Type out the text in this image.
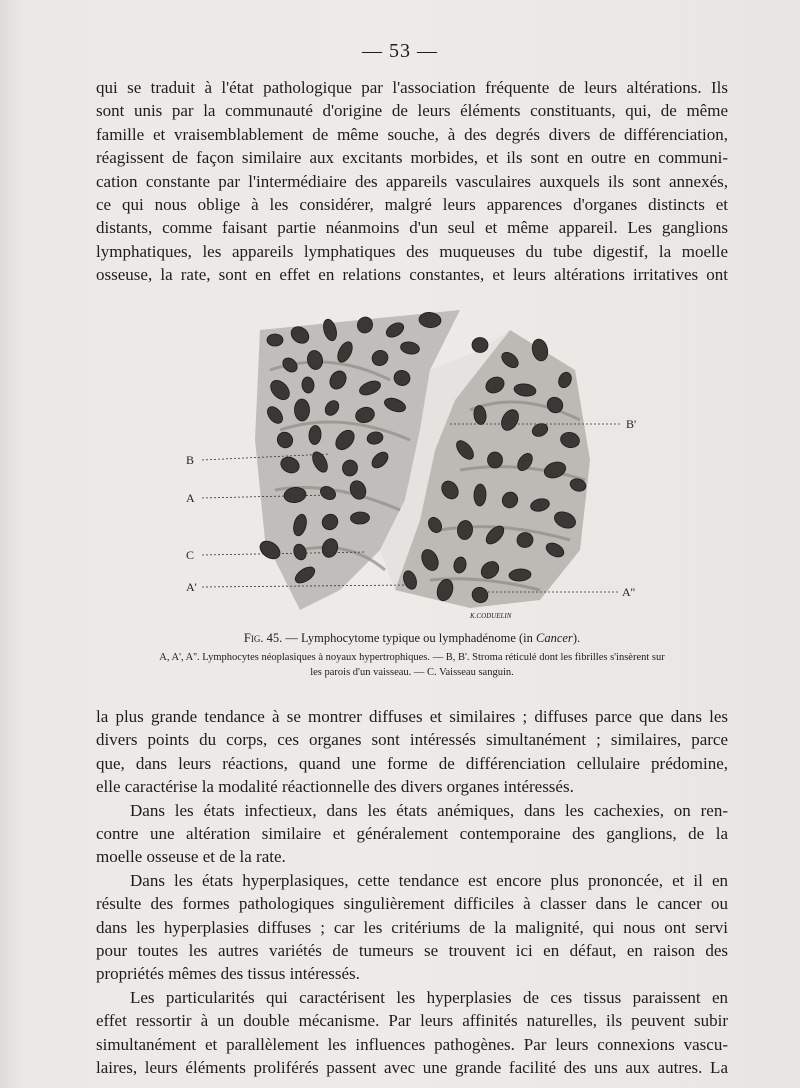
— 53 —
qui se traduit à l'état pathologique par l'association fréquente de leurs altérations. Ils
sont unis par la communauté d'origine de leurs éléments constituants, qui, de même
famille et vraisemblablement de même souche, à des degrés divers de différenciation,
réagissent de façon similaire aux excitants morbides, et ils sont en outre en communi-
cation constante par l'intermédiaire des appareils vasculaires auxquels ils sont annexés,
ce qui nous oblige à les considérer, malgré leurs apparences d'organes distincts et
distants, comme faisant partie néanmoins d'un seul et même appareil. Les ganglions
lymphatiques, les appareils lymphatiques des muqueuses du tube digestif, la moelle
osseuse, la rate, sont en effet en relations constantes, et leurs altérations irritatives ont
B
A
C
A'
B'
A''
K.CODUELIN
Fig. 45. — Lymphocytome typique ou lymphadénome (in Cancer).
A, A', A''. Lymphocytes néoplasiques à noyaux hypertrophiques. — B, B'. Stroma réticulé dont les fibrilles s'insèrent sur
les parois d'un vaisseau. — C. Vaisseau sanguin.
la plus grande tendance à se montrer diffuses et similaires ; diffuses parce que dans les
divers points du corps, ces organes sont intéressés simultanément ; similaires, parce
que, dans leurs réactions, quand une forme de différenciation cellulaire prédomine,
elle caractérise la modalité réactionnelle des divers organes intéressés.
Dans les états infectieux, dans les états anémiques, dans les cachexies, on ren-
contre une altération similaire et généralement contemporaine des ganglions, de la
moelle osseuse et de la rate.
Dans les états hyperplasiques, cette tendance est encore plus prononcée, et il en
résulte des formes pathologiques singulièrement difficiles à classer dans le cancer ou
dans les hyperplasies diffuses ; car les critériums de la malignité, qui nous ont servi
pour toutes les autres variétés de tumeurs se trouvent ici en défaut, en raison des
propriétés mêmes des tissus intéressés.
Les particularités qui caractérisent les hyperplasies de ces tissus paraissent en
effet ressortir à un double mécanisme. Par leurs affinités naturelles, ils peuvent subir
simultanément et parallèlement les influences pathogènes. Par leurs connexions vascu-
laires, leurs éléments proliférés passent avec une grande facilité des uns aux autres. La
